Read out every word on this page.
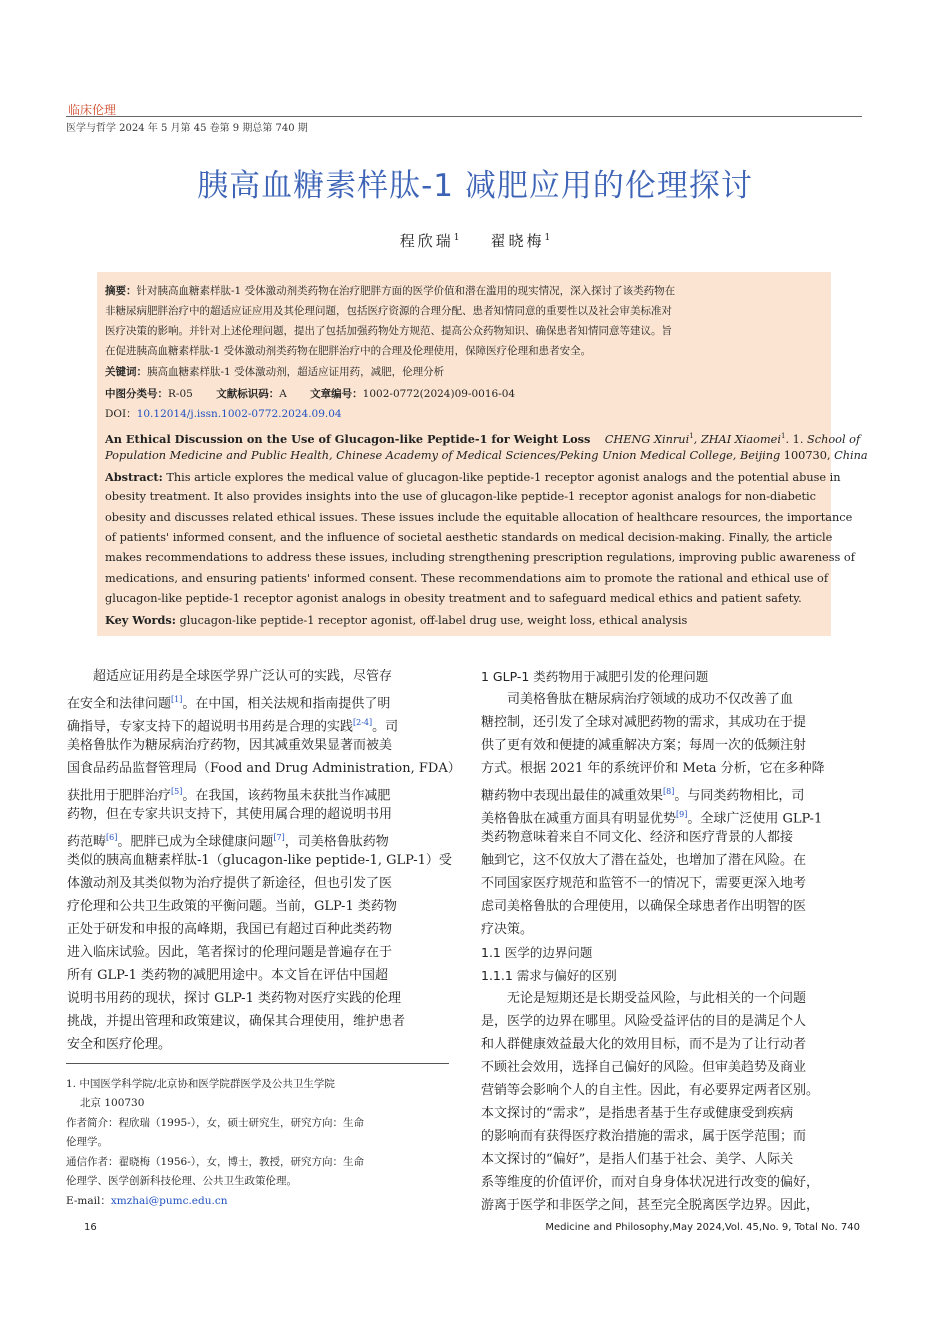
临床伦理
医学与哲学 2024 年 5 月第 45 卷第 9 期总第 740 期
胰高血糖素样肽-1 减肥应用的伦理探讨
程欣瑞$^1$ 翟晓梅$^1$
摘要：针对胰高血糖素样肽-1 受体激动剂类药物在治疗肥胖方面的医学价值和潜在滥用的现实情况，深入探讨了该类药物在
非糖尿病肥胖治疗中的超适应证应用及其伦理问题，包括医疗资源的合理分配、患者知情同意的重要性以及社会审美标准对
医疗决策的影响。并针对上述伦理问题，提出了包括加强药物处方规范、提高公众药物知识、确保患者知情同意等建议。旨
在促进胰高血糖素样肽-1 受体激动剂类药物在肥胖治疗中的合理及伦理使用，保障医疗伦理和患者安全。
关键词：胰高血糖素样肽-1 受体激动剂，超适应证用药，减肥，伦理分析
中图分类号：R-05 文献标识码：A 文章编号：1002-0772(2024)09-0016-04
DOI：10.12014/j.issn.1002-0772.2024.09.04
An Ethical Discussion on the Use of Glucagon-like Peptide-1 for Weight Loss CHENG Xinrui$^1$, ZHAI Xiaomei$^1$. 1. School of
Population Medicine and Public Health, Chinese Academy of Medical Sciences/Peking Union Medical College, Beijing 100730, China
Abstract: This article explores the medical value of glucagon-like peptide-1 receptor agonist analogs and the potential abuse in
obesity treatment. It also provides insights into the use of glucagon-like peptide-1 receptor agonist analogs for non-diabetic
obesity and discusses related ethical issues. These issues include the equitable allocation of healthcare resources, the importance
of patients' informed consent, and the influence of societal aesthetic standards on medical decision-making. Finally, the article
makes recommendations to address these issues, including strengthening prescription regulations, improving public awareness of
medications, and ensuring patients' informed consent. These recommendations aim to promote the rational and ethical use of
glucagon-like peptide-1 receptor agonist analogs in obesity treatment and to safeguard medical ethics and patient safety.
Key Words: glucagon-like peptide-1 receptor agonist, off-label drug use, weight loss, ethical analysis
超适应证用药是全球医学界广泛认可的实践，尽管存
在安全和法律问题[1]。在中国，相关法规和指南提供了明
确指导，专家支持下的超说明书用药是合理的实践[2-4]。司
美格鲁肽作为糖尿病治疗药物，因其减重效果显著而被美
国食品药品监督管理局（Food and Drug Administration, FDA）
获批用于肥胖治疗[5]。在我国，该药物虽未获批当作减肥
药物，但在专家共识支持下，其使用属合理的超说明书用
药范畴[6]。肥胖已成为全球健康问题[7]，司美格鲁肽药物
类似的胰高血糖素样肽-1（glucagon-like peptide-1, GLP-1）受
体激动剂及其类似物为治疗提供了新途径，但也引发了医
疗伦理和公共卫生政策的平衡问题。当前，GLP-1 类药物
正处于研发和申报的高峰期，我国已有超过百种此类药物
进入临床试验。因此，笔者探讨的伦理问题是普遍存在于
所有 GLP-1 类药物的减肥用途中。本文旨在评估中国超
说明书用药的现状，探讨 GLP-1 类药物对医疗实践的伦理
挑战，并提出管理和政策建议，确保其合理使用，维护患者
安全和医疗伦理。
1. 中国医学科学院/北京协和医学院群医学及公共卫生学院
北京 100730
作者简介：程欣瑞（1995-），女，硕士研究生，研究方向：生命
伦理学。
通信作者：翟晓梅（1956-），女，博士，教授，研究方向：生命
伦理学、医学创新科技伦理、公共卫生政策伦理。
E-mail：xmzhai@pumc.edu.cn
1 GLP-1 类药物用于减肥引发的伦理问题
司美格鲁肽在糖尿病治疗领域的成功不仅改善了血
糖控制，还引发了全球对减肥药物的需求，其成功在于提
供了更有效和便捷的减重解决方案；每周一次的低频注射
方式。根据 2021 年的系统评价和 Meta 分析，它在多种降
糖药物中表现出最佳的减重效果[8]。与同类药物相比，司
美格鲁肽在减重方面具有明显优势[9]。全球广泛使用 GLP-1
类药物意味着来自不同文化、经济和医疗背景的人都接
触到它，这不仅放大了潜在益处，也增加了潜在风险。在
不同国家医疗规范和监管不一的情况下，需要更深入地考
虑司美格鲁肽的合理使用，以确保全球患者作出明智的医
疗决策。
1.1 医学的边界问题
1.1.1 需求与偏好的区别
无论是短期还是长期受益风险，与此相关的一个问题
是，医学的边界在哪里。风险受益评估的目的是满足个人
和人群健康效益最大化的效用目标，而不是为了让行动者
不顾社会效用，选择自己偏好的风险。但审美趋势及商业
营销等会影响个人的自主性。因此，有必要界定两者区别。
本文探讨的“需求”，是指患者基于生存或健康受到疾病
的影响而有获得医疗救治措施的需求，属于医学范围；而
本文探讨的“偏好”，是指人们基于社会、美学、人际关
系等维度的价值评价，而对自身身体状况进行改变的偏好，
游离于医学和非医学之间，甚至完全脱离医学边界。因此，
16	Medicine and Philosophy,May 2024,Vol. 45,No. 9, Total No. 740
